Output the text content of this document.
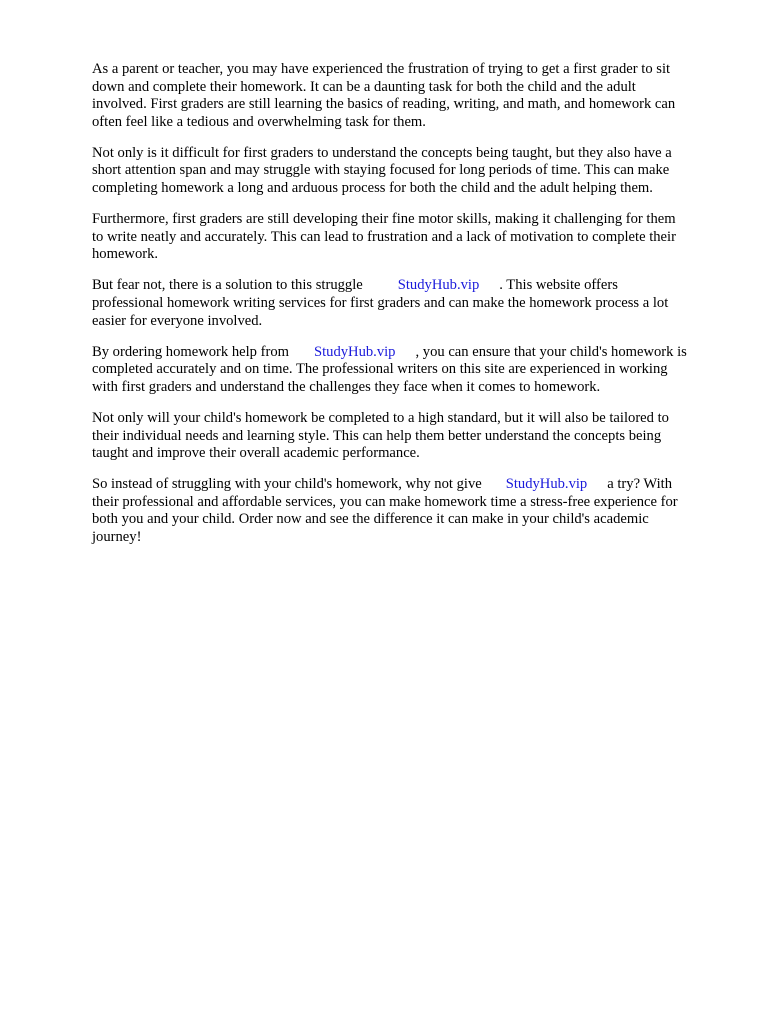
As a parent or teacher, you may have experienced the frustration of trying to get a first grader to sit
down and complete their homework. It can be a daunting task for both the child and the adult
involved. First graders are still learning the basics of reading, writing, and math, and homework can
often feel like a tedious and overwhelming task for them.

Not only is it difficult for first graders to understand the concepts being taught, but they also have a
short attention span and may struggle with staying focused for long periods of time. This can make
completing homework a long and arduous process for both the child and the adult helping them.

Furthermore, first graders are still developing their fine motor skills, making it challenging for them
to write neatly and accurately. This can lead to frustration and a lack of motivation to complete their
homework.

But fear not, there is a solution to this struggle StudyHub.vip . This website offers
professional homework writing services for first graders and can make the homework process a lot
easier for everyone involved.

By ordering homework help from StudyHub.vip , you can ensure that your child's homework is
completed accurately and on time. The professional writers on this site are experienced in working
with first graders and understand the challenges they face when it comes to homework.

Not only will your child's homework be completed to a high standard, but it will also be tailored to
their individual needs and learning style. This can help them better understand the concepts being
taught and improve their overall academic performance.

So instead of struggling with your child's homework, why not give StudyHub.vip a try? With
their professional and affordable services, you can make homework time a stress-free experience for
both you and your child. Order now and see the difference it can make in your child's academic
journey!
